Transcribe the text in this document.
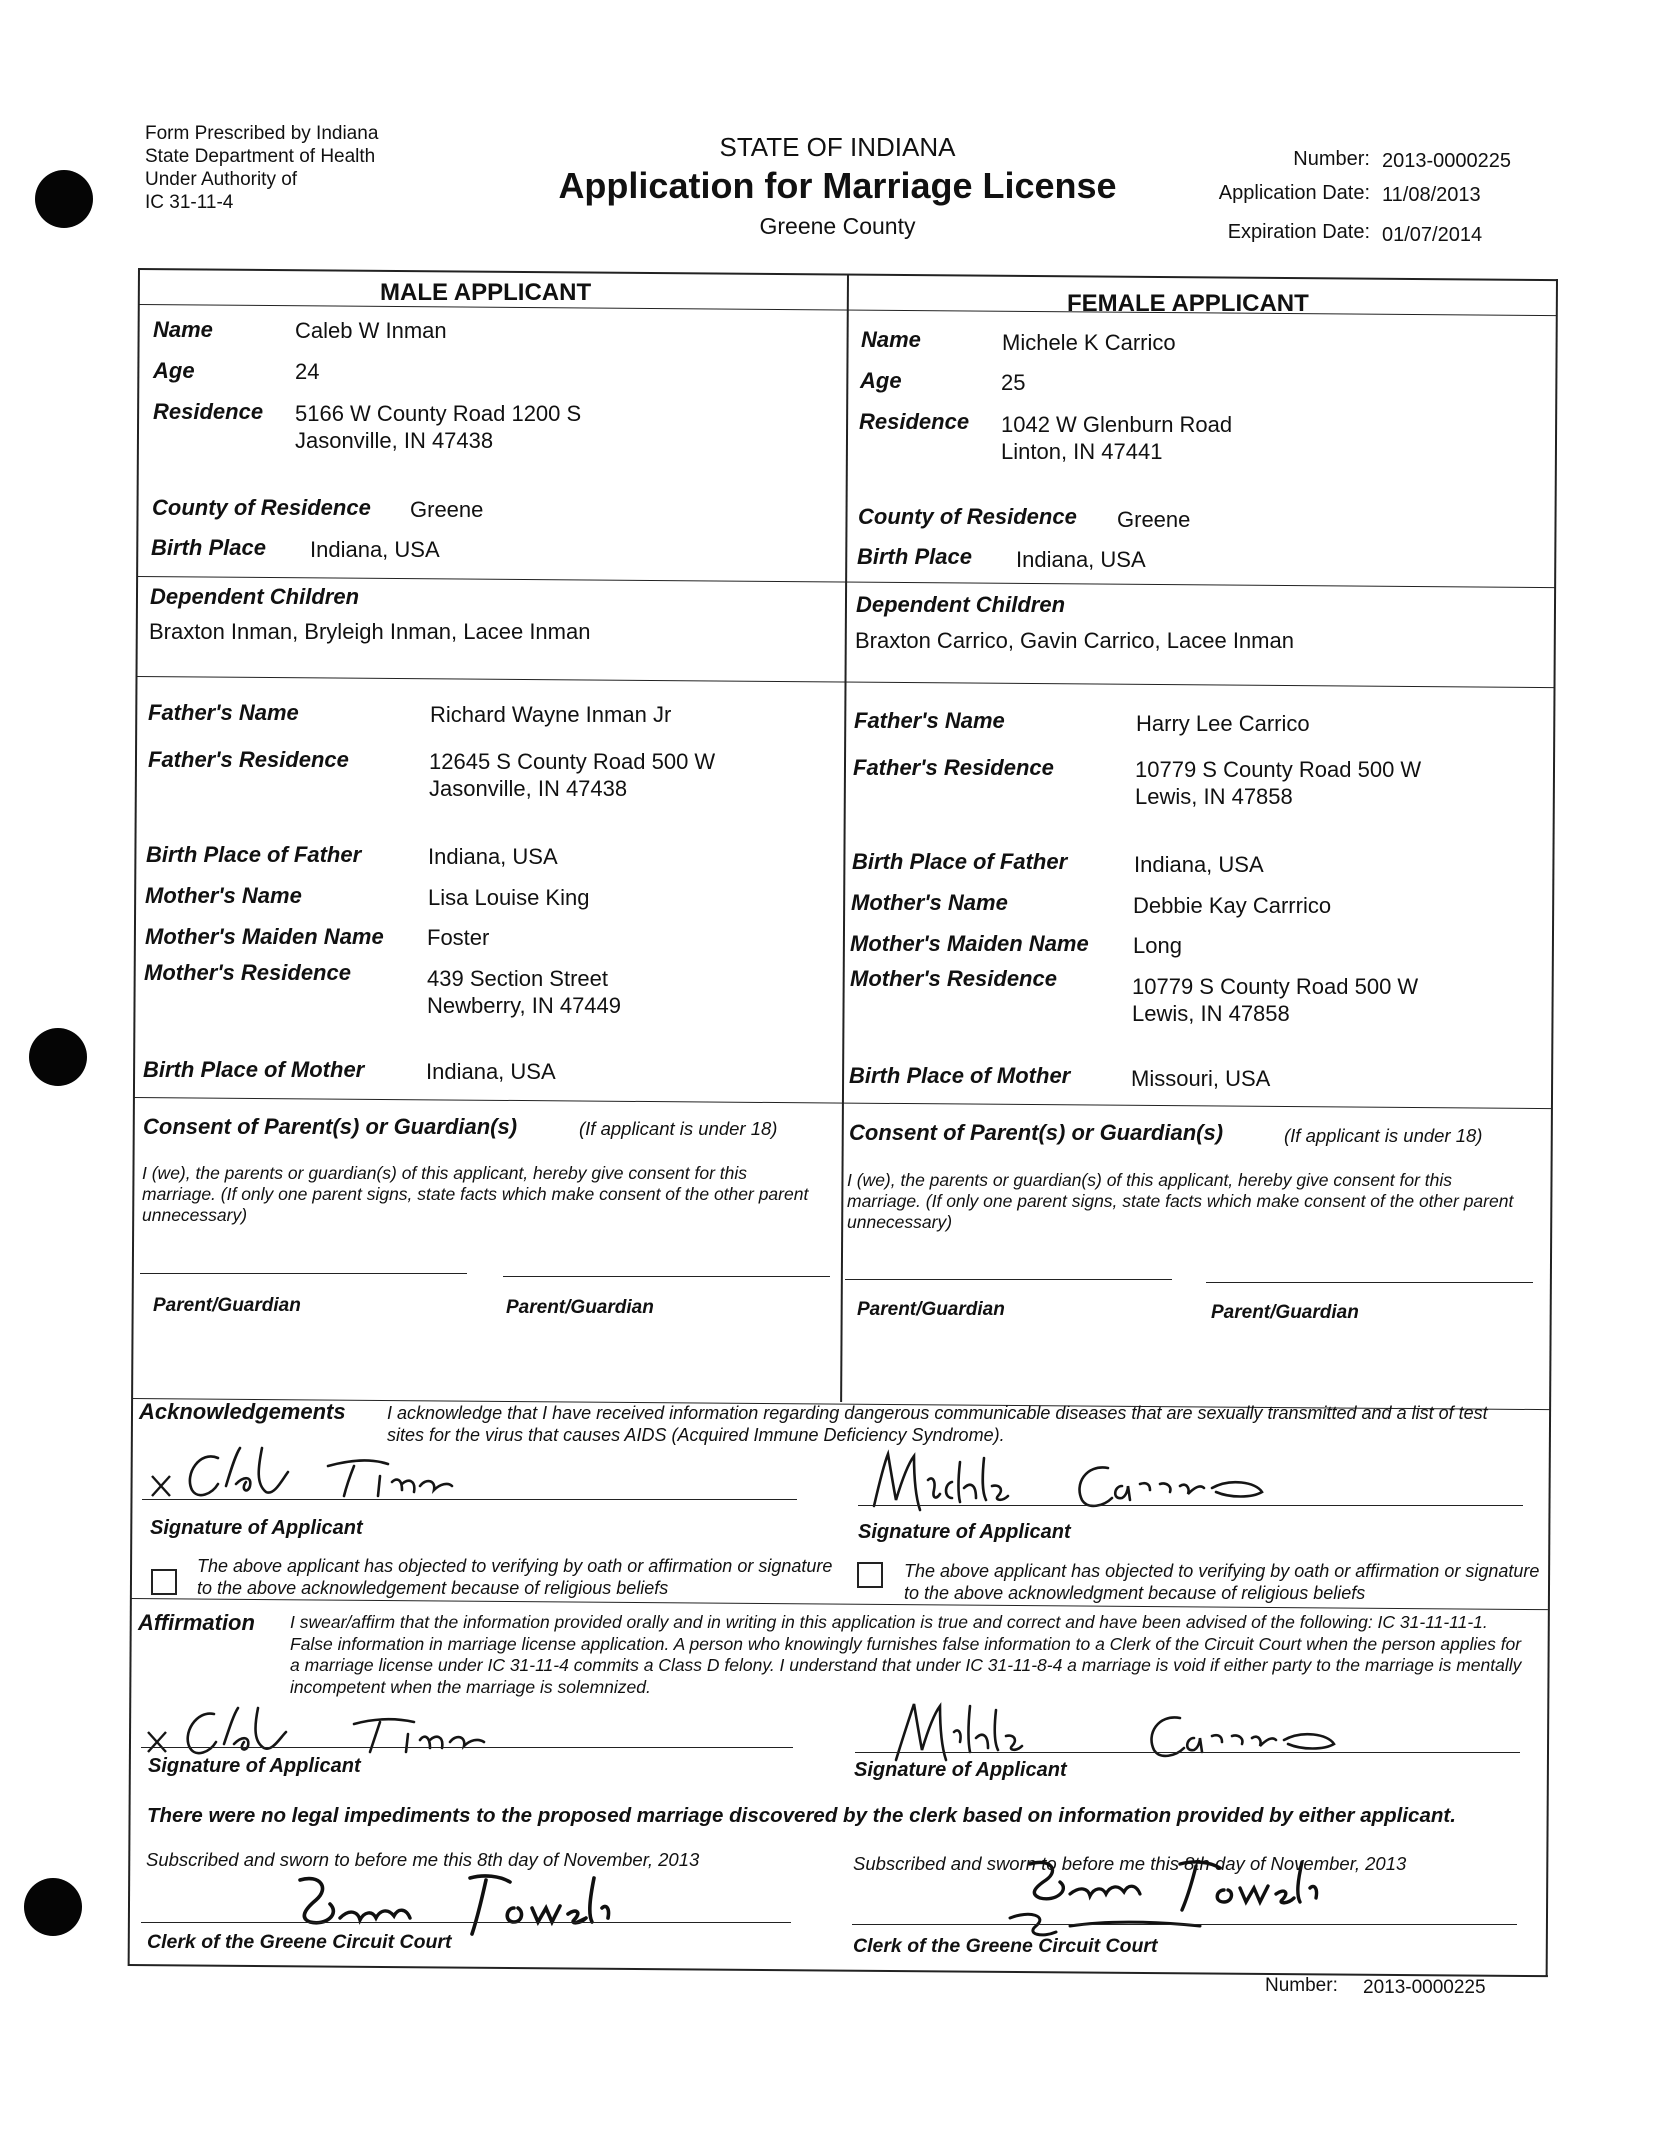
Form Prescribed by Indiana
State Department of Health
Under Authority of
IC 31-11-4
STATE OF INDIANA
Application for Marriage License
Greene County
Number: 2013-0000225
Application Date: 11/08/2013
Expiration Date: 01/07/2014
MALE APPLICANT
Name	Caleb W Inman
Age	24
Residence 5166 W County Road 1200 S
Jasonville, IN 47438
County of Residence Greene
Birth Place Indiana, USA
Dependent Children
Braxton Inman, Bryleigh Inman, Lacee Inman
Father's Name	Richard Wayne Inman Jr
Father's Residence	12645 S County Road 500 W
Jasonville, IN 47438
Birth Place of Father	Indiana, USA
Mother's Name	Lisa Louise King
Mother's Maiden Name Foster
Mother's Residence	439 Section Street
Newberry, IN 47449
Birth Place of Mother	Indiana, USA
Consent of Parent(s) or Guardian(s)	(If applicant is under 18)
I (we), the parents or guardian(s) of this applicant, hereby give consent for this marriage. (If only one parent signs, state facts which make consent of the other parent unnecessary)
Parent/Guardian	Parent/Guardian
FEMALE APPLICANT
Name	Michele K Carrico
Age	25
Residence 1042 W Glenburn Road
Linton, IN 47441
County of Residence Greene
Birth Place Indiana, USA
Dependent Children
Braxton Carrico, Gavin Carrico, Lacee Inman
Father's Name	Harry Lee Carrico
Father's Residence	10779 S County Road 500 W
Lewis, IN 47858
Birth Place of Father	Indiana, USA
Mother's Name	Debbie Kay Carrrico
Mother's Maiden Name Long
Mother's Residence	10779 S County Road 500 W
Lewis, IN 47858
Birth Place of Mother	Missouri, USA
Consent of Parent(s) or Guardian(s)	(If applicant is under 18)
I (we), the parents or guardian(s) of this applicant, hereby give consent for this marriage. (If only one parent signs, state facts which make consent of the other parent unnecessary)
Parent/Guardian	Parent/Guardian
Acknowledgements I acknowledge that I have received information regarding dangerous communicable diseases that are sexually transmitted and a list of test sites for the virus that causes AIDS (Acquired Immune Deficiency Syndrome).
Signature of Applicant	Signature of Applicant
The above applicant has objected to verifying by oath or affirmation or signature to the above acknowledgement because of religious beliefs
The above applicant has objected to verifying by oath or affirmation or signature to the above acknowledgment because of religious beliefs
Affirmation I swear/affirm that the information provided orally and in writing in this application is true and correct and have been advised of the following: IC 31-11-11-1. False information in marriage license application. A person who knowingly furnishes false information to a Clerk of the Circuit Court when the person applies for a marriage license under IC 31-11-4 commits a Class D felony. I understand that under IC 31-11-8-4 a marriage is void if either party to the marriage is mentally incompetent when the marriage is solemnized.
Signature of Applicant	Signature of Applicant
There were no legal impediments to the proposed marriage discovered by the clerk based on information provided by either applicant.
Subscribed and sworn to before me this 8th day of November, 2013	Subscribed and sworn to before me this 8th day of November, 2013
Clerk of the Greene Circuit Court	Clerk of the Greene Circuit Court
Number: 2013-0000225
